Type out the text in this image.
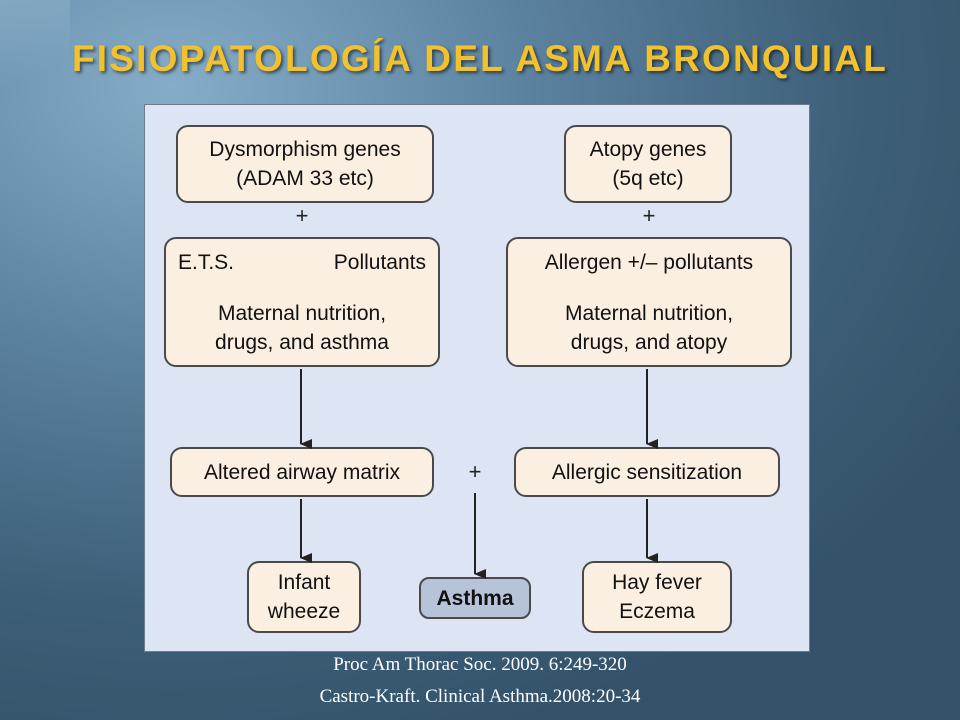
FISIOPATOLOGÍA DEL ASMA BRONQUIAL
Dysmorphism genes
(ADAM 33 etc)
Atopy genes
(5q etc)
+	+
E.T.S.	Pollutants
Maternal nutrition,
drugs, and asthma
Allergen +/– pollutants
Maternal nutrition,
drugs, and atopy
Altered airway matrix	+	Allergic sensitization
Infant
wheeze
Asthma
Hay fever
Eczema

Proc Am Thorac Soc. 2009. 6:249-320

Castro-Kraft. Clinical Asthma.2008:20-34
